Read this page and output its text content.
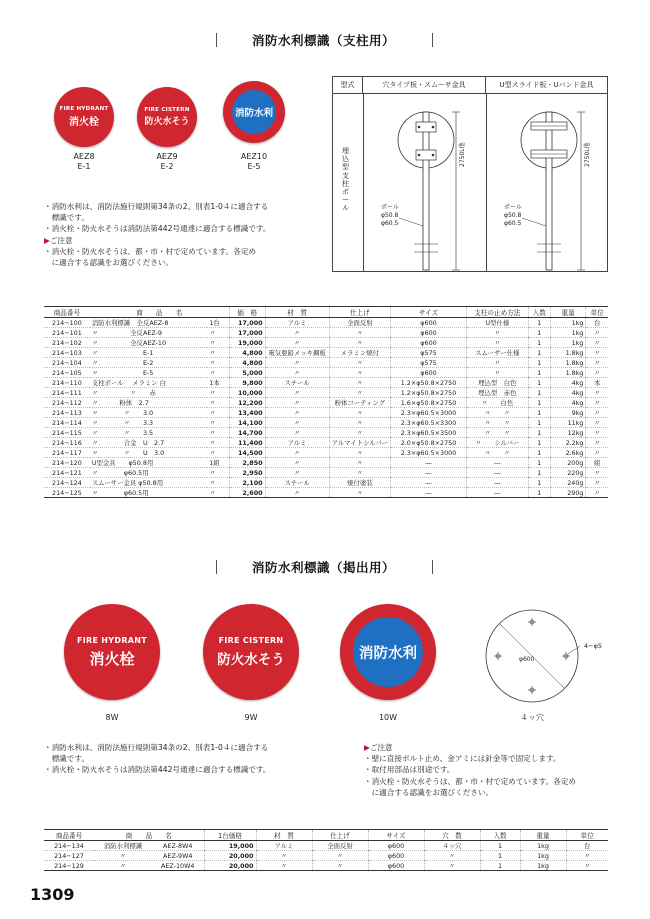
消防水利標識（支柱用）
FIRE HYDRANT
消火栓
AEZ8
E-1
FIRE CISTERN
防火水そう
AEZ9
E-2
消防水利
AEZ10
E-5
・消防水利は、消防法施行規則第34条の2、別表1-0４に適合する
　標識です。
・消火栓・防火水そうは消防法第442号通達に適合する標識です。
▶ご注意
・消火栓・防火水そうは、都・市・村で定めています。各定め
　に適合する認識をお選びください。
型式	穴タイプ板・スムーサ金具	U型スライド板・Uバンド金具
埋込型支柱ポール
2750L他
ポール
φ50.8
φ60.5
2750L他
ポール
φ50.8
φ60.5
商品番号	商　　品　　名		価　格	材　質	仕上げ	サイズ	支柱の止め方法	入数	重量	単位
214−100	消防水利標識　全反AEZ-8	1台	17,000	アルミ	全面反射	φ600	U型仕様	1	1kg	台
214−101	〃　　　　　全反AEZ-9	〃	17,000	〃	〃	φ600	〃	1	1kg	〃
214−102	〃　　　　　全反AEZ-10	〃	19,000	〃	〃	φ600	〃	1	1kg	〃
214−103	〃　　　　　　　E-1	〃	4,800	電気亜鉛メッキ鋼板	メラミン焼付	φ575	スムーサー仕様	1	1.8kg	〃
214−104	〃　　　　　　　E-2	〃	4,800	〃	〃	φ575	〃	1	1.8kg	〃
214−105	〃　　　　　　　E-5	〃	5,000	〃	〃	φ600	〃	1	1.8kg	〃
214−110	支柱ポール　 メラミン 白	1本	9,800	スチール	〃	1.2×φ50.8×2750	埋込型　白色	1	4kg	本
214−111	〃　　　　　〃　　赤	〃	10,000	〃	〃	1.2×φ50.8×2750	埋込型　赤色	1	4kg	〃
214−112	〃　　　 粉体　2.7	〃	12,200	〃	粉体コーティング	1.6×φ50.8×2750	〃　　白色	1	4kg	〃
214−113	〃　　　　〃　　3.0	〃	13,400	〃	〃	2.3×φ60.5×3000	〃　　〃	1	9kg	〃
214−114	〃　　　　〃　　3.3	〃	14,100	〃	〃	2.3×φ60.5×3300	〃　　〃	1	11kg	〃
214−115	〃　　　　〃　　3.5	〃	14,700	〃	〃	2.3×φ60.5×3500	〃　　〃	1	12kg	〃
214−116	〃　　　　合金　U　2.7	〃	11,400	アルミ	アルマイトシルバー	2.0×φ50.8×2750	〃　　シルバー	1	2.2kg	〃
214−117	〃　　　　〃　　U　3.0	〃	14,500	〃	〃	2.3×φ60.5×3000	〃　　〃	1	2.6kg	〃
214−120	U型金具　　φ50.8用	1組	2,850	〃	〃	―	―	1	200g	組
214−121	〃　　　　φ60.5用	〃	2,950	〃	〃	―	―	1	220g	〃
214−124	スムーサー金具 φ50.8用	〃	2,100	スチール	焼付塗装	―	―	1	240g	〃
214−125	〃　　　　φ60.5用	〃	2,600	〃	〃	―	―	1	290g	〃
消防水利標識（掲出用）
FIRE HYDRANT
消火栓
8W
FIRE CISTERN
防火水そう
9W
消防水利
10W
φ600
4−φ5
４ッ穴
・消防水利は、消防法施行規則第34条の2、別表1-0４に適合する
　標識です。
・消火栓・防火水そうは消防法第442号通達に適合する標識です。
▶ご注意
・壁に直接ボルト止め、金アミには針金等で固定します。
・取付用部品は別途です。
・消火栓・防火水そうは、都・市・村で定めています。各定め
　に適合する認識をお選びください。
商品番号	商　　品　　名		1台価格	材　質	仕上げ	サイズ	穴　数	入数	重量	単位
214−134	消防水利標識	AEZ-8W4	19,000	アルミ	全面反射	φ600	４ッ穴	1	1kg	台
214−127	〃	AEZ-9W4	20,000	〃	〃	φ600	〃	1	1kg	〃
214−129	〃	AEZ-10W4	20,000	〃	〃	φ600	〃	1	1kg	〃
1309
